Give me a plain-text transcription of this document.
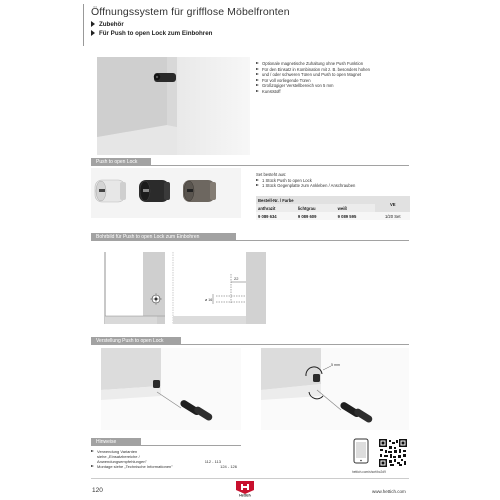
Öffnungssystem für grifflose Möbelfronten
Zubehör
Für Push to open Lock zum Einbohren
Optionale magnetische Zuhaltung ohne Push Funktion
Für den Einsatz in Kombination mit z. B. besonders hohen
und / oder schweren Türen und Push to open Magnet
Für voll vorliegende Türen
Großzügiger Verstellbereich von 5 mm
Kunststoff
Push to open Lock
Set besteht aus:
1 Stück Push to open Lock
1 Stück Gegenplatte zum Ankleben / Anschrauben
Bestell-Nr. / Farbe			VE
anthrazit	lichtgrau	weiß	
9 089 634	9 089 609	9 089 595	1/20 Set
Bohrbild für Push to open Lock zum Einbohren
22
ø 16
Verstellung Push to open Lock
5 mm
Hinweise
Verwendung Varianten
siehe „Einsatzbereiche /
Anwendungsempfehlungen"	112 - 113
Montage siehe „Technische Informationen"	124 - 126
hettich.com/short/bc2d9
120
Hettich
www.hettich.com
